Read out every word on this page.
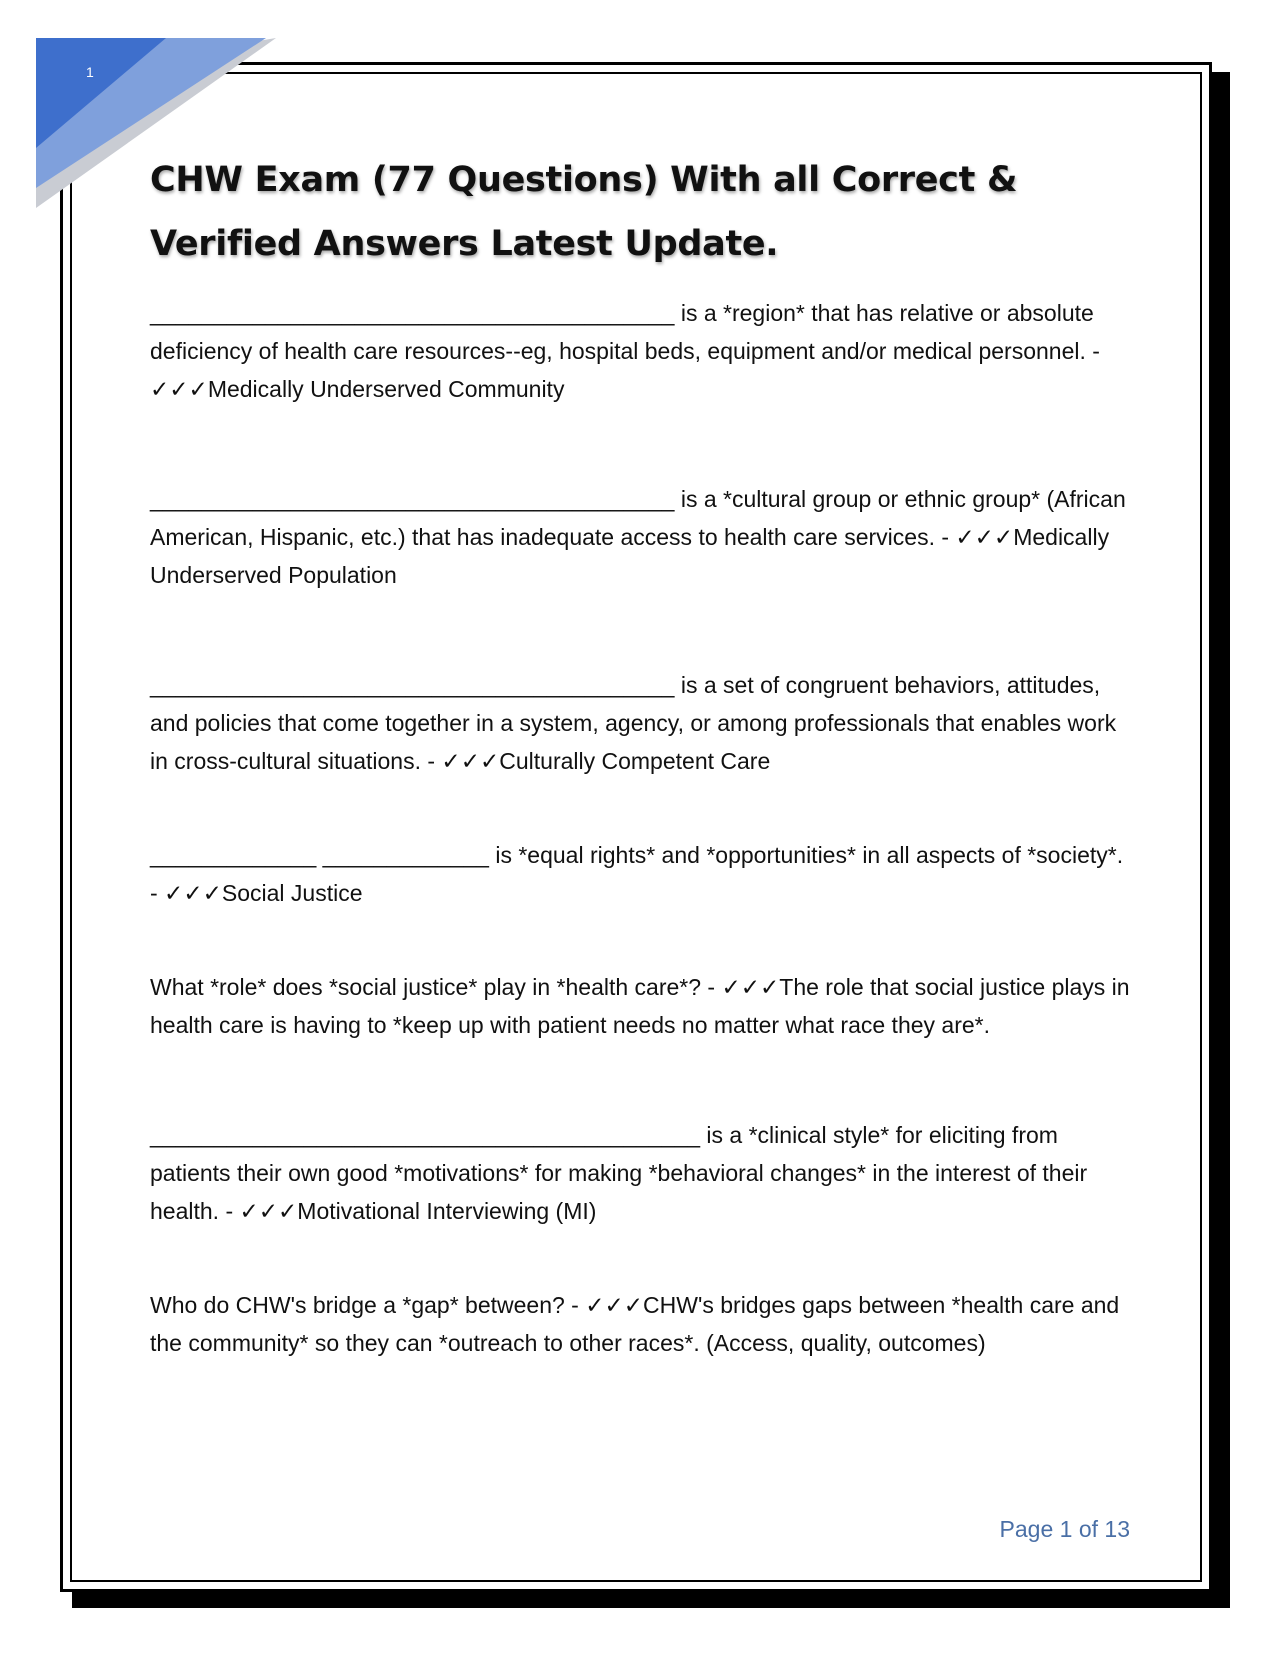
1
CHW Exam (77 Questions) With all Correct & Verified Answers Latest Update.

_________________________________________ is a *region* that has relative or absolute deficiency of health care resources--eg, hospital beds, equipment and/or medical personnel. - ✓✓✓Medically Underserved Community

_________________________________________ is a *cultural group or ethnic group* (African American, Hispanic, etc.) that has inadequate access to health care services. - ✓✓✓Medically Underserved Population

_________________________________________ is a set of congruent behaviors, attitudes, and policies that come together in a system, agency, or among professionals that enables work in cross-cultural situations. - ✓✓✓Culturally Competent Care

_____________ _____________ is *equal rights* and *opportunities* in all aspects of *society*. - ✓✓✓Social Justice

What *role* does *social justice* play in *health care*? - ✓✓✓The role that social justice plays in health care is having to *keep up with patient needs no matter what race they are*.

___________________________________________ is a *clinical style* for eliciting from patients their own good *motivations* for making *behavioral changes* in the interest of their health. - ✓✓✓Motivational Interviewing (MI)

Who do CHW's bridge a *gap* between? - ✓✓✓CHW's bridges gaps between *health care and the community* so they can *outreach to other races*. (Access, quality, outcomes)

Page 1 of 13
